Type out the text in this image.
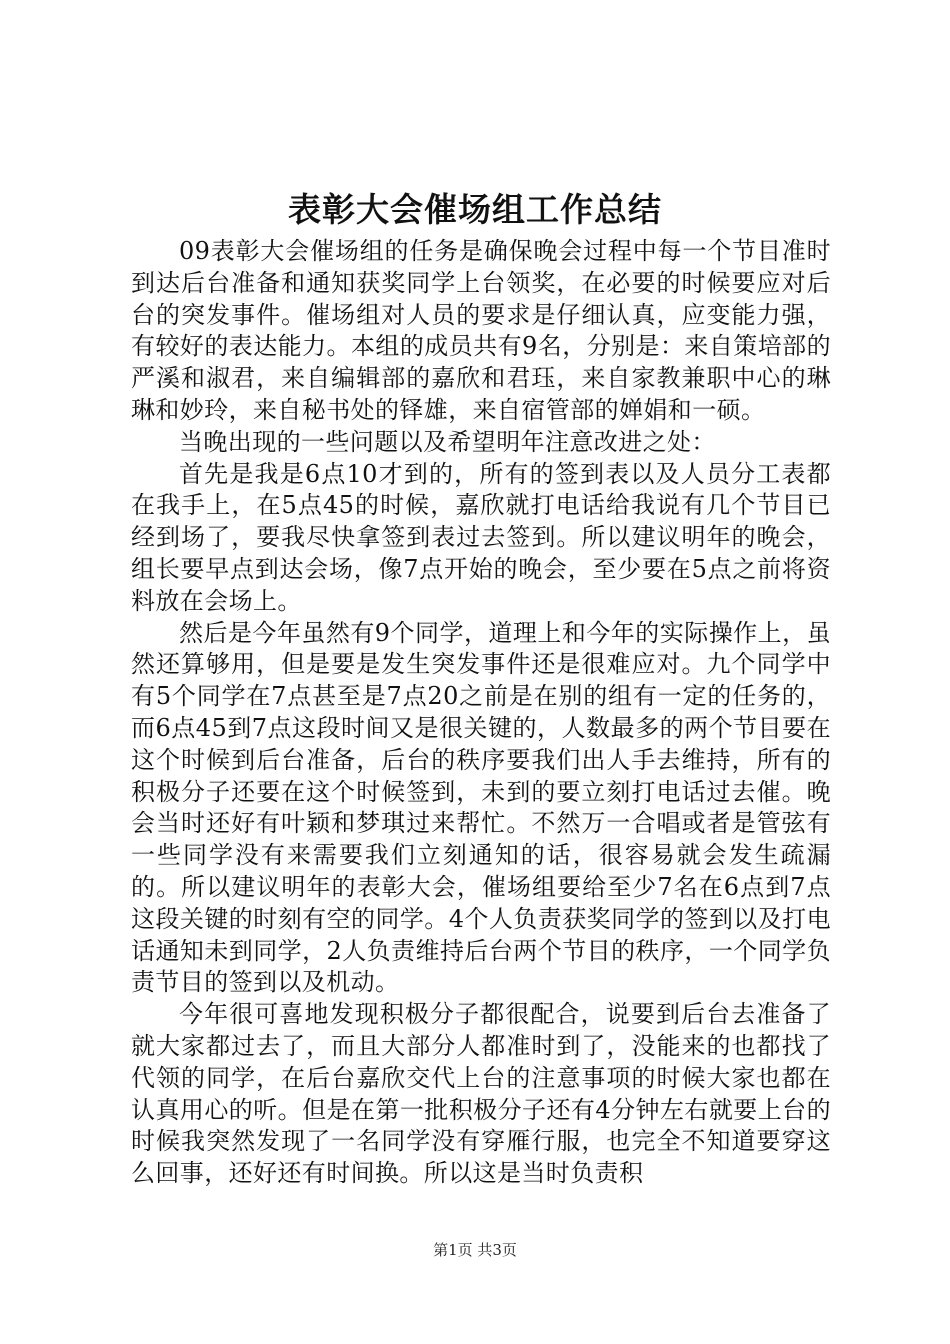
表彰大会催场组工作总结

09表彰大会催场组的任务是确保晚会过程中每一个节目准时到达后台准备和通知获奖同学上台领奖，在必要的时候要应对后台的突发事件。催场组对人员的要求是仔细认真，应变能力强，有较好的表达能力。本组的成员共有9名，分别是：来自策培部的严溪和淑君，来自编辑部的嘉欣和君珏，来自家教兼职中心的琳琳和妙玲，来自秘书处的铎雄，来自宿管部的婵娟和一硕。

当晚出现的一些问题以及希望明年注意改进之处：

首先是我是6点10才到的，所有的签到表以及人员分工表都在我手上，在5点45的时候，嘉欣就打电话给我说有几个节目已经到场了，要我尽快拿签到表过去签到。所以建议明年的晚会，组长要早点到达会场，像7点开始的晚会，至少要在5点之前将资料放在会场上。

然后是今年虽然有9个同学，道理上和今年的实际操作上，虽然还算够用，但是要是发生突发事件还是很难应对。九个同学中有5个同学在7点甚至是7点20之前是在别的组有一定的任务的，而6点45到7点这段时间又是很关键的，人数最多的两个节目要在这个时候到后台准备，后台的秩序要我们出人手去维持，所有的积极分子还要在这个时候签到，未到的要立刻打电话过去催。晚会当时还好有叶颖和梦琪过来帮忙。不然万一合唱或者是管弦有一些同学没有来需要我们立刻通知的话，很容易就会发生疏漏的。所以建议明年的表彰大会，催场组要给至少7名在6点到7点这段关键的时刻有空的同学。4个人负责获奖同学的签到以及打电话通知未到同学，2人负责维持后台两个节目的秩序，一个同学负责节目的签到以及机动。

今年很可喜地发现积极分子都很配合，说要到后台去准备了就大家都过去了，而且大部分人都准时到了，没能来的也都找了代领的同学，在后台嘉欣交代上台的注意事项的时候大家也都在认真用心的听。但是在第一批积极分子还有4分钟左右就要上台的时候我突然发现了一名同学没有穿雁行服，也完全不知道要穿这么回事，还好还有时间换。所以这是当时负责积

第1页 共3页
